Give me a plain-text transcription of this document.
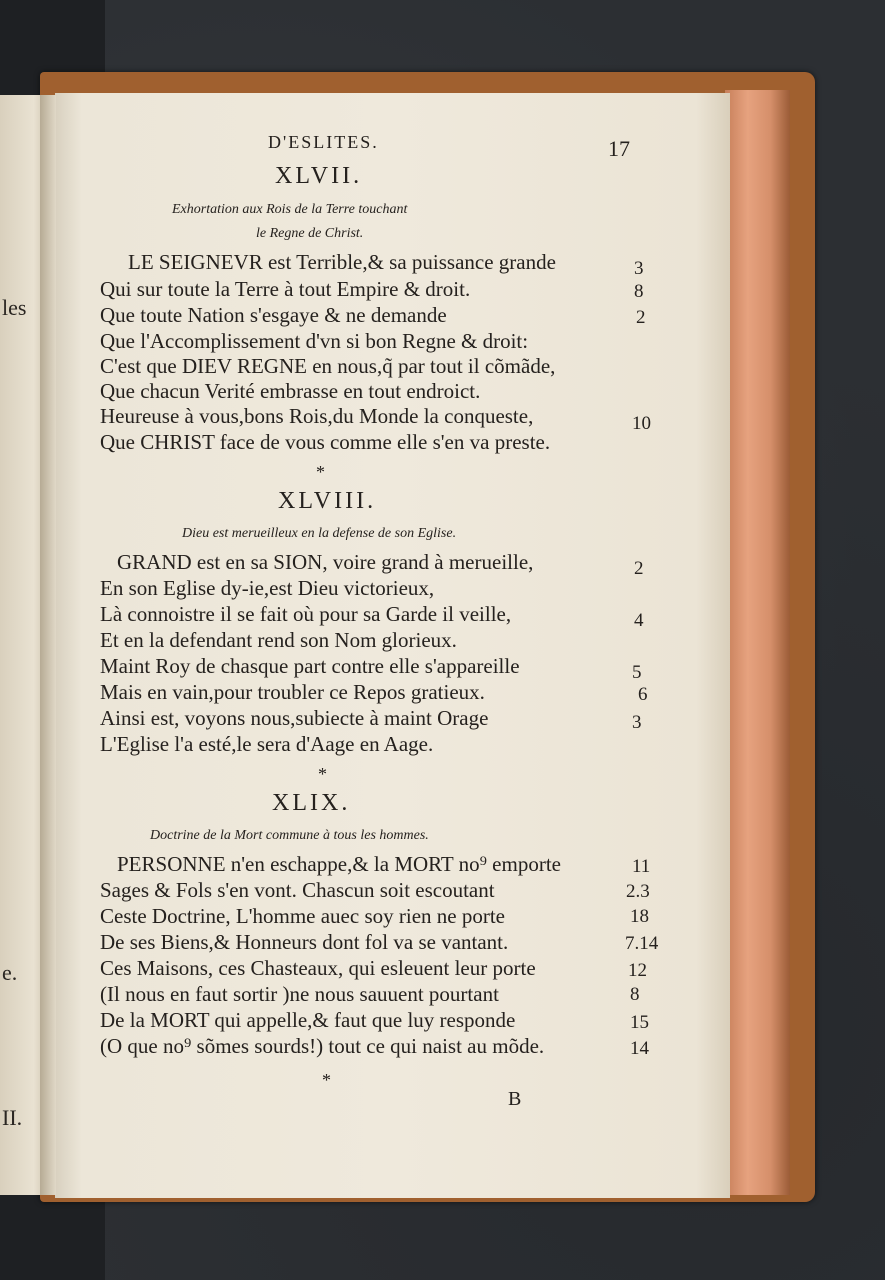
les
e.
II.
D'ESLITES.	17
XLVII.
Exhortation aux Rois de la Terre touchant
le Regne de Christ.
LE SEIGNEVR est Terrible,& sa puissance grande
Qui sur toute la Terre à tout Empire & droit.
Que toute Nation s'esgaye & ne demande
Que l'Accomplissement d'vn si bon Regne & droit:
C'est que DIEV REGNE en nous,q̃ par tout il cõmãde,
Que chacun Verité embrasse en tout endroict.
Heureuse à vous,bons Rois,du Monde la conqueste,
Que CHRIST face de vous comme elle s'en va preste.
3
8
2
10
*
XLVIII.
Dieu est merueilleux en la defense de son Eglise.
GRAND est en sa SION, voire grand à merueille,
En son Eglise dy-ie,est Dieu victorieux,
Là connoistre il se fait où pour sa Garde il veille,
Et en la defendant rend son Nom glorieux.
Maint Roy de chasque part contre elle s'appareille
Mais en vain,pour troubler ce Repos gratieux.
Ainsi est, voyons nous,subiecte à maint Orage
L'Eglise l'a esté,le sera d'Aage en Aage.
2
4
5
6
3
*
XLIX.
Doctrine de la Mort commune à tous les hommes.
PERSONNE n'en eschappe,& la MORT no⁹ emporte
Sages & Fols s'en vont. Chascun soit escoutant
Ceste Doctrine, L'homme auec soy rien ne porte
De ses Biens,& Honneurs dont fol va se vantant.
Ces Maisons, ces Chasteaux, qui esleuent leur porte
(Il nous en faut sortir )ne nous sauuent pourtant
De la MORT qui appelle,& faut que luy responde
(O que no⁹ sõmes sourds!) tout ce qui naist au mõde.
11
2.3
18
7.14
12
8
15
14
*
B
